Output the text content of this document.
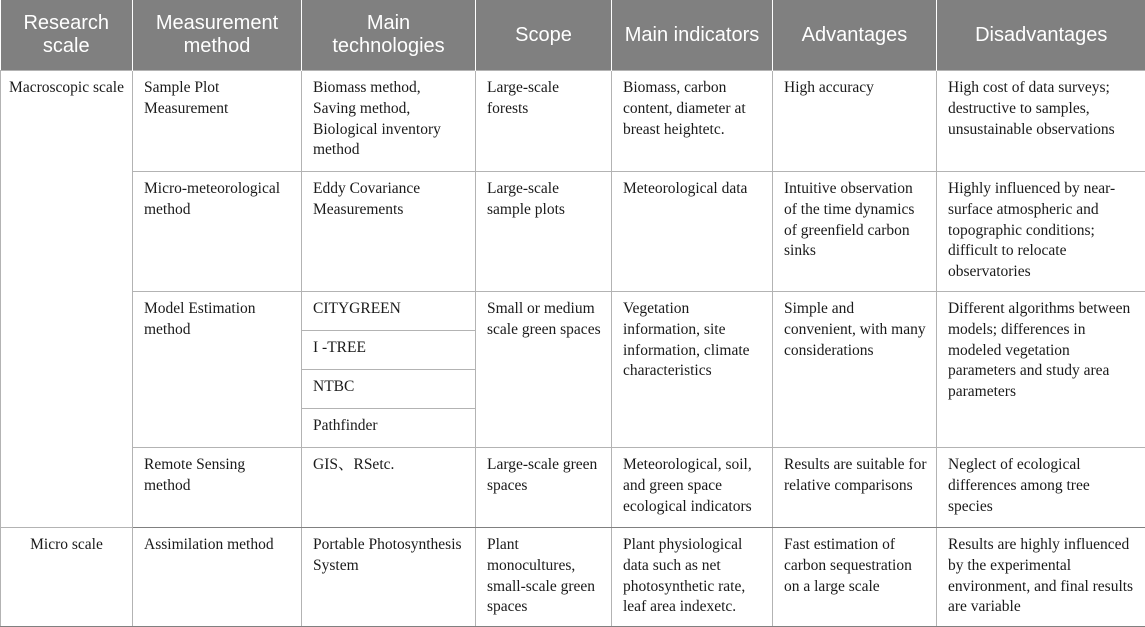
Research scale	Measurement method	Main technologies	Scope	Main indicators	Advantages	Disadvantages
Macroscopic scale	Sample Plot Measurement	Biomass method, Saving method, Biological inventory method	Large-scale forests	Biomass, carbon content, diameter at breast heightetc.	High accuracy	High cost of data surveys; destructive to samples, unsustainable observations
	Micro-meteorological method	Eddy Covariance Measurements	Large-scale sample plots	Meteorological data	Intuitive observation of the time dynamics of greenfield carbon sinks	Highly influenced by near-surface atmospheric and topographic conditions; difficult to relocate observatories
	Model Estimation method	CITYGREEN	Small or medium scale green spaces	Vegetation information, site information, climate characteristics	Simple and convenient, with many considerations	Different algorithms between models; differences in modeled vegetation parameters and study area parameters
		I -TREE				
		NTBC				
		Pathfinder				
	Remote Sensing method	GIS、RSetc.	Large-scale green spaces	Meteorological, soil, and green space ecological indicators	Results are suitable for relative comparisons	Neglect of ecological differences among tree species
Micro scale	Assimilation method	Portable Photosynthesis System	Plant monocultures, small-scale green spaces	Plant physiological data such as net photosynthetic rate, leaf area indexetc.	Fast estimation of carbon sequestration on a large scale	Results are highly influenced by the experimental environment, and final results are variable
